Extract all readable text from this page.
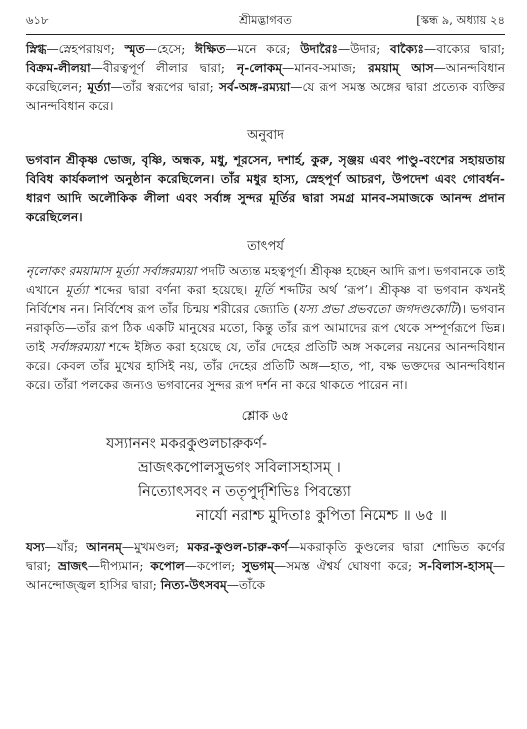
৬১৮	শ্রীমদ্ভাগবত	[স্কন্ধ ৯, অধ্যায় ২৪

স্নিগ্ধ—স্নেহপরায়ণ; স্মৃত—হেসে; ঈক্ষিত—মনে করে; উদারৈঃ—উদার; বাক্যৈঃ—বাক্যের দ্বারা; বিক্রম-লীলয়া—বীরত্বপূর্ণ লীলার দ্বারা; নৃ-লোকম্—মানব-সমাজ; রময়াম্ আস—আনন্দবিধান করেছিলেন; মূর্ত্যা—তাঁর স্বরূপের দ্বারা; সর্ব-অঙ্গ-রম্যয়া—যে রূপ সমস্ত অঙ্গের দ্বারা প্রত্যেক ব্যক্তির আনন্দবিধান করে।

অনুবাদ

ভগবান শ্রীকৃষ্ণ ভোজ, বৃষ্ণি, অন্ধক, মধু, শূরসেন, দশার্হ, কুরু, সৃঞ্জয় এবং পাণ্ডু-বংশের সহায়তায় বিবিধ কার্যকলাপ অনুষ্ঠান করেছিলেন। তাঁর মধুর হাস্য, স্নেহপূর্ণ আচরণ, উপদেশ এবং গোবর্ধন-ধারণ আদি অলৌকিক লীলা এবং সর্বাঙ্গ সুন্দর মূর্তির দ্বারা সমগ্র মানব-সমাজকে আনন্দ প্রদান করেছিলেন।

তাৎপর্য

নৃলোকং রময়ামাস মূর্ত্যা সর্বাঙ্গরম্যয়া পদটি অত্যন্ত মহত্বপূর্ণ। শ্রীকৃষ্ণ হচ্ছেন আদি রূপ। ভগবানকে তাই এখানে মূর্ত্যা শব্দের দ্বারা বর্ণনা করা হয়েছে। মূর্তি শব্দটির অর্থ ‘রূপ’। শ্রীকৃষ্ণ বা ভগবান কখনই নির্বিশেষ নন। নির্বিশেষ রূপ তাঁর চিন্ময় শরীরের জ্যোতি (যস্য প্রভা প্রভবতো জগদণ্ডকোটি)। ভগবান নরাকৃতি—তাঁর রূপ ঠিক একটি মানুষের মতো, কিন্তু তাঁর রূপ আমাদের রূপ থেকে সম্পূর্ণরূপে ভিন্ন। তাই সর্বাঙ্গরম্যয়া শব্দে ইঙ্গিত করা হয়েছে যে, তাঁর দেহের প্রতিটি অঙ্গ সকলের নয়নের আনন্দবিধান করে। কেবল তাঁর মুখের হাসিই নয়, তাঁর দেহের প্রতিটি অঙ্গ—হাত, পা, বক্ষ ভক্তদের আনন্দবিধান করে। তাঁরা পলকের জন্যও ভগবানের সুন্দর রূপ দর্শন না করে থাকতে পারেন না।

শ্লোক ৬৫
যস্যাননং মকরকুণ্ডলচারুকর্ণ-
ভ্রাজৎকপোলসুভগং সবিলাসহাসম্ ।
নিত্যোৎসবং ন ততৃপুর্দৃশিভিঃ পিবন্ত্যো
নার্যো নরাশ্চ মুদিতাঃ কুপিতা নিমেশ্চ ॥ ৬৫ ॥

যস্য—যাঁর; আননম্—মুখমণ্ডল; মকর-কুণ্ডল-চারু-কর্ণ—মকরাকৃতি কুণ্ডলের দ্বারা শোভিত কর্ণের দ্বারা; ভ্রাজৎ—দীপ্যমান; কপোল—কপোল; সুভগম্—সমস্ত ঐশ্বর্য ঘোষণা করে; স-বিলাস-হাসম্—আনন্দোজ্জ্বল হাসির দ্বারা; নিত্য-উৎসবম্—তাঁকে
